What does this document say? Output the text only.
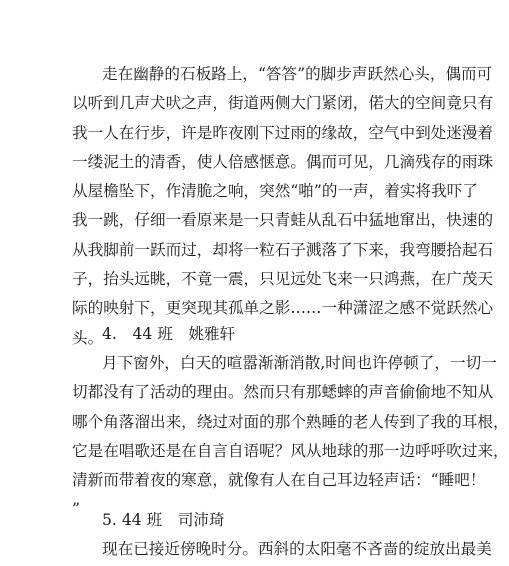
走在幽静的石板路上，“答答”的脚步声跃然心头，偶而可
以听到几声犬吠之声，街道两侧大门紧闭，偌大的空间竟只有
我一人在行步，许是昨夜刚下过雨的缘故，空气中到处迷漫着
一缕泥土的清香，使人倍感惬意。偶而可见，几滴残存的雨珠
从屋檐坠下，作清脆之响，突然“啪”的一声，着实将我吓了
我一跳，仔细一看原来是一只青蛙从乱石中猛地窜出，快速的
从我脚前一跃而过，却将一粒石子溅落了下来，我弯腰拾起石
子，抬头远眺，不竟一震，只见远处飞来一只鸿燕，在广茂天
际的映射下，更突现其孤单之影……一种潇涩之感不觉跃然心
头。
4.　44 班　姚雅轩
月下窗外，白天的喧嚣渐渐消散,时间也许停顿了，一切一
切都没有了活动的理由。然而只有那蟋蟀的声音偷偷地不知从
哪个角落溜出来，绕过对面的那个熟睡的老人传到了我的耳根，
它是在唱歌还是在自言自语呢？风从地球的那一边呼呼吹过来，
清新而带着夜的寒意，就像有人在自己耳边轻声话：“睡吧！
”
5. 44 班　司沛琦
现在已接近傍晚时分。西斜的太阳毫不吝啬的绽放出最美
